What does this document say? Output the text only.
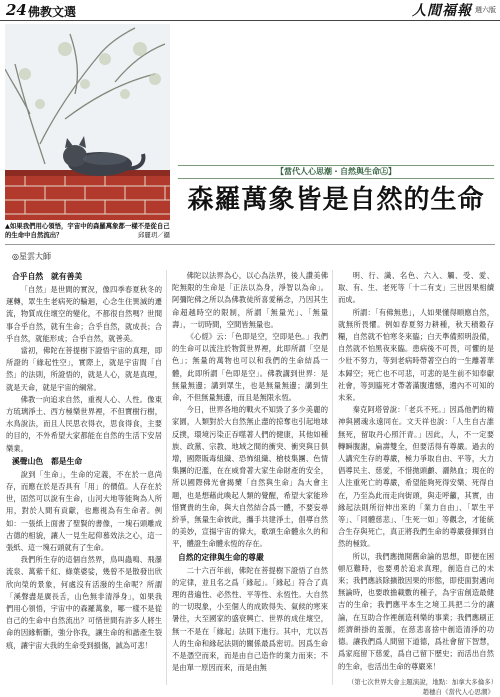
24 佛教文選	人間福報 週六版
▲如果我們用心領悟，宇宙中的森羅萬象都一樣不是從自己的生命中自然流出？	邱麗玥／攝
【當代人心思潮・自然與生命㊤】
森羅萬象皆是自然的生命
◎星雲大師
合乎自然　就有善美

「自然」是世間的實況，像四季春夏秋冬的運轉，眾生生老病死的輪迴，心念生住異滅的遷流，物質成住壞空的變化，不都很自然嗎？世間事合乎自然，就有生命；合乎自然，就成長；合乎自然，就能形成；合乎自然，就善美。

當初，佛陀在菩提樹下證悟宇宙的真理，即所證的「緣起性空」，實際上，就是宇宙間「自然」的法則，所證悟的，就是人心，就是真理，就是天命，就是宇宙的綱常。

佛教一向追求自然，重視人心、人性。像東方琉璃淨土、西方極樂世界裡，不但寶樹行樹，水鳥說法，而且人民思衣得衣，思食得食，主要的目的，不外希望大家都能在自然的生活下安居樂業。

溪聲山色　都是生命

說到「生命」，生命的定義，不在於一息尚存，而應在於是否具有「用」的價值。人存在於世，固然可以說有生命，山河大地等能夠為人所用，對於人間有貢獻，也應視為有生命者。例如：一張紙上面書了聖賢的書像，一塊石頭雕成古德的相貌，讓人一見生起仰慕效法之心，這一張紙、這一塊石頭就有了生命。

我們所生存的這個自然界，鳥叫蟲鳴、飛瀑流泉、萬紫千紅、綠葉婆娑，幾曾不是散發出欣欣向榮的景象，何處沒有活潑的生命呢？所謂「溪聲盡是廣長舌，山色無非清淨身」，如果我們用心領悟，宇宙中的森羅萬象，哪一樣不是從自己的生命中自然流出？可惜世間有許多人將生命的因緣斬斷，強分你我，讓生命的和諧產生裂痕，讓宇宙大我的生命受到損傷，誠為可悲！

佛陀以法界為心，以心為法界，後人讚美佛陀無限的生命是「正法以為身，淨智以為命」。阿彌陀佛之所以為佛教徒所喜愛稱念，乃因其生命超越時空的限制，所謂「無量光」、「無量壽」，一切時間，空間皆無量也。

《心經》云：「色即是空，空即是色。」我們的生命可以流注於物質世界裡，此即所謂「空是色」；無量的萬物也可以和我們的生命結爲一體，此即所謂「色即是空」。佛教講到世界：是無量無邊；講到眾生，也是無量無邊；講到生命，不但無量無邊，而且是無限永恆。

今日，世界各地的戰火不知毀了多少美麗的家園，人類對於大自然無止盡的掠奪也引起地球反撲，環境污染正吞噬著人們的健康，其他如種族、政黨、宗教、地域之間的衝突、衝突與日俱增，國際販毒組織、恐怖組織、槍枝集團、色情集團的氾濫，在在威脅著大家生命財產的安全，所以國際佛光會揭櫫「自然與生命」為大會主題，也是想藉此喚起人類的覺醒，希望大家能珍惜寶貴的生命，與大自然結合爲一體，不要妄尋紛爭，無量生命彼此，攜手共建淨土，倡導自然的美妙，宣揚宇宙的偉大，歌頌生命體永久的和平，體證生命體永恆的存在。

自然的定律與生命的尊嚴

二十六百年前，佛陀在菩提樹下證悟了自然的定律，並且名之爲「緣起」。「緣起」符合了真理的普遍性、必然性、平等性、永恆性。大自然的一切現象，小至個人的成敗得失、氣候的寒來暑往，大至國家的盛衰興亡、世界的成住壞空，無一不是在「緣起」法則下進行。其中，尤以吾人的生命和緣起法則的關係最爲密切。因爲生命不是憑空而來，而是由自己造作的業力而來；不是由單一原因而來，而是由無

明、行、識、名色、六入、觸、受、愛、取、有、生、老死等「十二有支」三世因果相續而成。

所謂：「有佛無患」，人如果懂得順應自然，就無所畏懼。例如春夏努力耕種，秋天積穀存糧，自然就不怕寒冬來臨；白天準備照明設備，自然就不怕黑夜來臨。患病後不可畏，可懼的是少壯不努力，等到老病時帶著空白的一生離著華本歸空；死亡也不可悲，可悲的是生前不知奉獻社會，等到臨死才帶著滿腹遺憾，遺內不可知的未來。

秦克阿塔曾說：「老兵不死。」因爲他們的精神與國魂永遠同在。文天祥也說：「人生自古誰無死，留取丹心照汗青。」因此，人，不一定要轉瞬腹謝，扁壽雙全，但要活得有尊嚴。過去的人講究生存的尊嚴，極力爭取自由、平等，大力倡導民主、慈愛，不惜拋頭顱、灑熱血；現在的人注重死亡的尊嚴，希望能夠死得安樂、死得自在，乃至為此而走向街頭，與走呼籲，其實，由緣起法則所衍伸出來的「業力自由」、「眾生平等」、「同體慈悲」、「生死一如」等觀念，才能統合生存與死亡，真正將我們生命的尊嚴發揮到自然的極致。

所以，我們應拋開舊命論的思想，即便在困頓厄難時，也要勇於追求真理，創造自己的未來；我們應該除擴散因果的形態，即使面對邁向無論時，也要敢擔載數的種子，為宇宙創造最健吉的生命；我們應平本生之境工具把二分的讓論，在互助合作裡創造利樂的事業；我們應刷正經濟餅掛的羞脈，在慈悲喜捨中創造清淨的功德。讓我們爲人間留下道德，爲社會留下智慧，爲家庭留下慈愛，爲自己留下歷史；而活出自然的生命，也活出生命的尊嚴來！

（第七次世界大會主題演說，地點：加拿大多倫多）　趙穗自《當代人心思潮》
